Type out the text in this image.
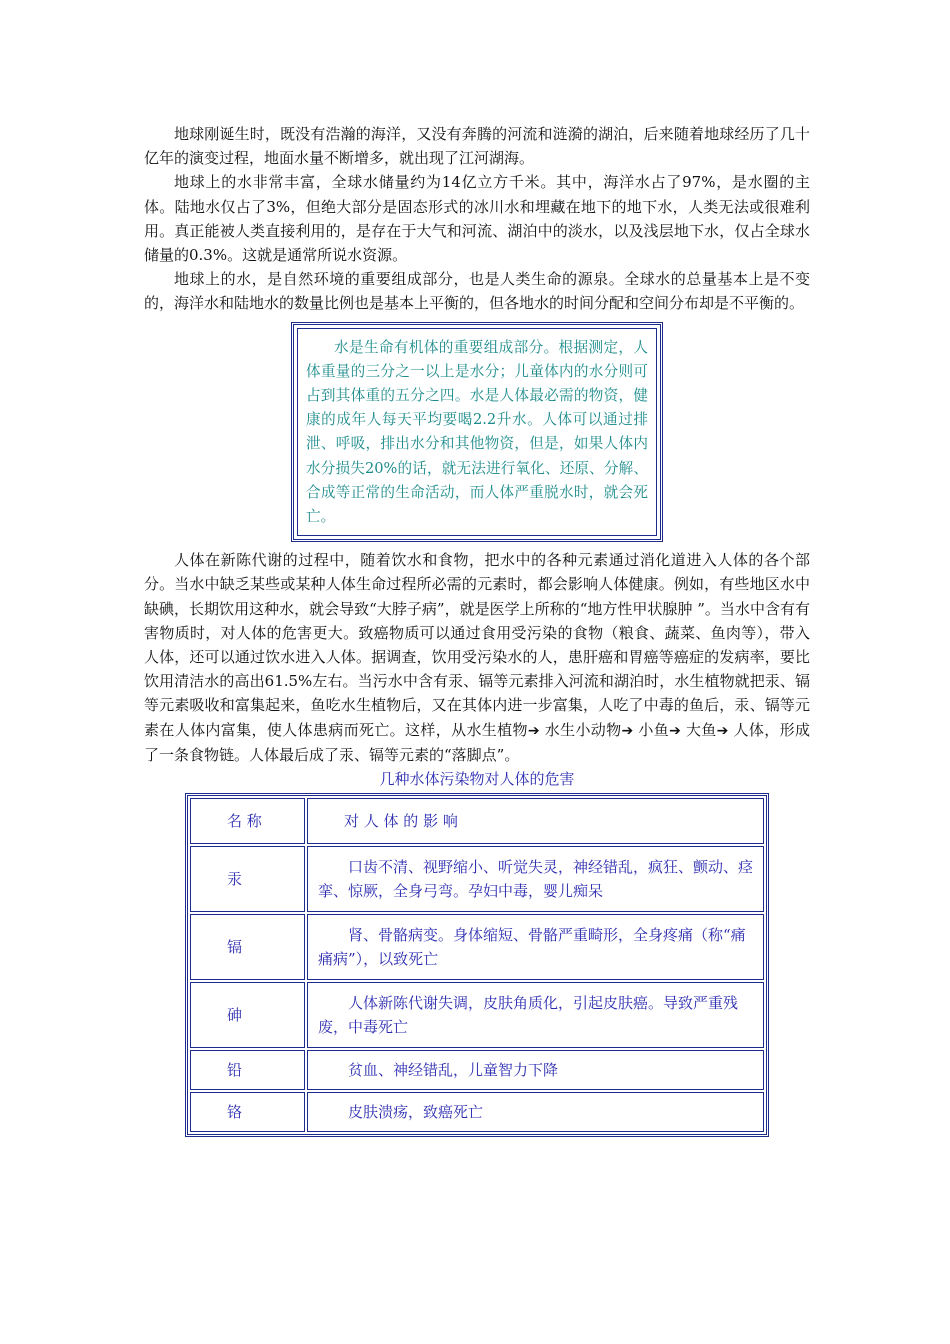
地球刚诞生时，既没有浩瀚的海洋，又没有奔腾的河流和涟漪的湖泊，后来随着地球经历了几十亿年的演变过程，地面水量不断增多，就出现了江河湖海。

地球上的水非常丰富，全球水储量约为14亿立方千米。其中，海洋水占了97%，是水圈的主体。陆地水仅占了3%，但绝大部分是固态形式的冰川水和埋藏在地下的地下水，人类无法或很难利用。真正能被人类直接利用的，是存在于大气和河流、湖泊中的淡水，以及浅层地下水，仅占全球水储量的0.3%。这就是通常所说水资源。

地球上的水，是自然环境的重要组成部分，也是人类生命的源泉。全球水的总量基本上是不变的，海洋水和陆地水的数量比例也是基本上平衡的，但各地水的时间分配和空间分布却是不平衡的。

水是生命有机体的重要组成部分。根据测定，人体重量的三分之一以上是水分；儿童体内的水分则可占到其体重的五分之四。水是人体最必需的物资，健康的成年人每天平均要喝2.2升水。人体可以通过排泄、呼吸，排出水分和其他物资，但是，如果人体内水分损失20%的话，就无法进行氧化、还原、分解、合成等正常的生命活动，而人体严重脱水时，就会死亡。

人体在新陈代谢的过程中，随着饮水和食物，把水中的各种元素通过消化道进入人体的各个部分。当水中缺乏某些或某种人体生命过程所必需的元素时，都会影响人体健康。例如，有些地区水中缺碘，长期饮用这种水，就会导致“大脖子病”，就是医学上所称的“地方性甲状腺肿 ”。当水中含有有害物质时，对人体的危害更大。致癌物质可以通过食用受污染的食物（粮食、蔬菜、鱼肉等），带入人体，还可以通过饮水进入人体。据调查，饮用受污染水的人，患肝癌和胃癌等癌症的发病率，要比饮用清洁水的高出61.5%左右。当污水中含有汞、镉等元素排入河流和湖泊时，水生植物就把汞、镉等元素吸收和富集起来，鱼吃水生植物后，又在其体内进一步富集，人吃了中毒的鱼后，汞、镉等元素在人体内富集，使人体患病而死亡。这样，从水生植物➔ 水生小动物➔ 小鱼➔ 大鱼➔ 人体，形成了一条食物链。人体最后成了汞、镉等元素的“落脚点”。

几种水体污染物对人体的危害
名 称	对 人 体 的 影 响

汞	口齿不清、视野缩小、听觉失灵，神经错乱，疯狂、颤动、痉挛、惊厥，全身弓弯。孕妇中毒，婴儿痴呆

镉	肾、骨骼病变。身体缩短、骨骼严重畸形，全身疼痛（称“痛痛病”），以致死亡

砷	人体新陈代谢失调，皮肤角质化，引起皮肤癌。导致严重残废，中毒死亡

铅	贫血、神经错乱，儿童智力下降

铬	皮肤溃疡，致癌死亡
